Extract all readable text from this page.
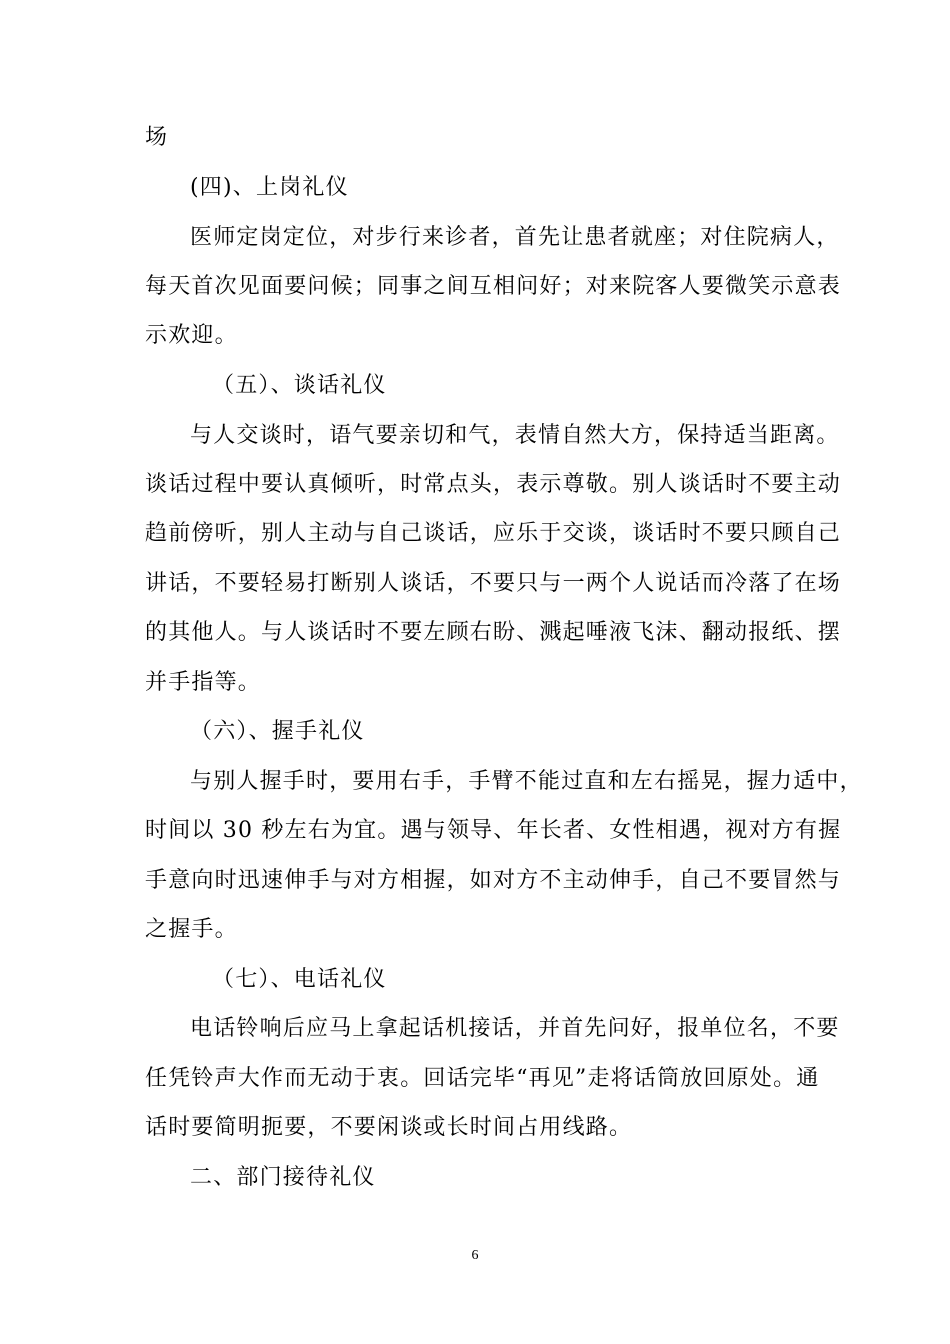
场
(四)、上岗礼仪
医师定岗定位，对步行来诊者，首先让患者就座；对住院病人，
每天首次见面要问候；同事之间互相问好；对来院客人要微笑示意表
示欢迎。
（五）、谈话礼仪
与人交谈时，语气要亲切和气，表情自然大方，保持适当距离。
谈话过程中要认真倾听，时常点头，表示尊敬。别人谈话时不要主动
趋前傍听，别人主动与自己谈话，应乐于交谈，谈话时不要只顾自己
讲话，不要轻易打断别人谈话，不要只与一两个人说话而冷落了在场
的其他人。与人谈话时不要左顾右盼、溅起唾液飞沫、翻动报纸、摆
并手指等。
（六）、握手礼仪
与别人握手时，要用右手，手臂不能过直和左右摇晃，握力适中，
时间以 30 秒左右为宜。遇与领导、年长者、女性相遇，视对方有握
手意向时迅速伸手与对方相握，如对方不主动伸手，自己不要冒然与
之握手。
（七）、电话礼仪
电话铃响后应马上拿起话机接话，并首先问好，报单位名，不要
任凭铃声大作而无动于衷。回话完毕“再见”走将话筒放回原处。通
话时要简明扼要，不要闲谈或长时间占用线路。
二、部门接待礼仪
6
